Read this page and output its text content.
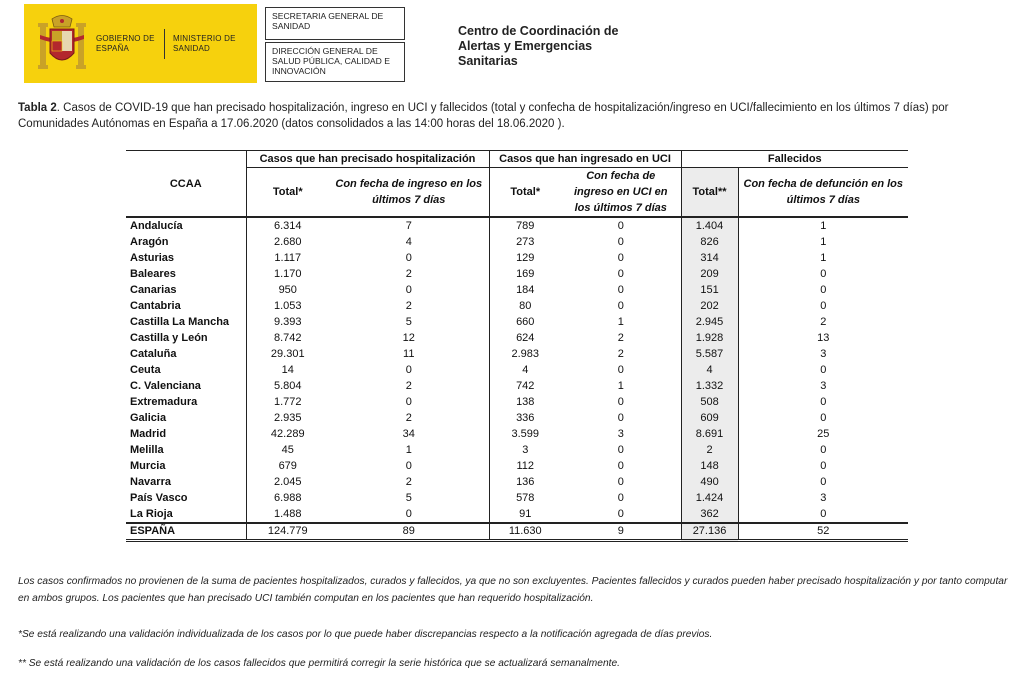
GOBIERNO DE ESPAÑA
MINISTERIO DE SANIDAD
SECRETARIA GENERAL DE SANIDAD
DIRECCIÓN GENERAL DE SALUD PÚBLICA, CALIDAD E INNOVACIÓN
Centro de Coordinación de
Alertas y Emergencias
Sanitarias
Tabla 2. Casos de COVID-19 que han precisado hospitalización, ingreso en UCI y fallecidos (total y confecha de hospitalización/ingreso en UCI/fallecimiento en los últimos 7 días) por Comunidades Autónomas en España a 17.06.2020 (datos consolidados a las 14:00 horas del 18.06.2020 ).
CCAA	Casos que han precisado hospitalización		Casos que han ingresado en UCI		Fallecidos	
	Total*	Con fecha de ingreso en los últimos 7 días	Total*	Con fecha de ingreso en UCI en los últimos 7 días	Total**	Con fecha de defunción en los últimos 7 días
Andalucía	6.314	7	789	0	1.404	1
Aragón	2.680	4	273	0	826	1
Asturias	1.117	0	129	0	314	1
Baleares	1.170	2	169	0	209	0
Canarias	950	0	184	0	151	0
Cantabria	1.053	2	80	0	202	0
Castilla La Mancha	9.393	5	660	1	2.945	2
Castilla y León	8.742	12	624	2	1.928	13
Cataluña	29.301	11	2.983	2	5.587	3
Ceuta	14	0	4	0	4	0
C. Valenciana	5.804	2	742	1	1.332	3
Extremadura	1.772	0	138	0	508	0
Galicia	2.935	2	336	0	609	0
Madrid	42.289	34	3.599	3	8.691	25
Melilla	45	1	3	0	2	0
Murcia	679	0	112	0	148	0
Navarra	2.045	2	136	0	490	0
País Vasco	6.988	5	578	0	1.424	3
La Rioja	1.488	0	91	0	362	0
ESPAÑA	124.779	89	11.630	9	27.136	52
Los casos confirmados no provienen de la suma de pacientes hospitalizados, curados y fallecidos, ya que no son excluyentes. Pacientes fallecidos y curados pueden haber precisado hospitalización y por tanto computar en ambos grupos. Los pacientes que han precisado UCI también computan en los pacientes que han requerido hospitalización.
*Se está realizando una validación individualizada de los casos por lo que puede haber discrepancias respecto a la notificación agregada de días previos.
** Se está realizando una validación de los casos fallecidos que permitirá corregir la serie histórica que se actualizará semanalmente.
